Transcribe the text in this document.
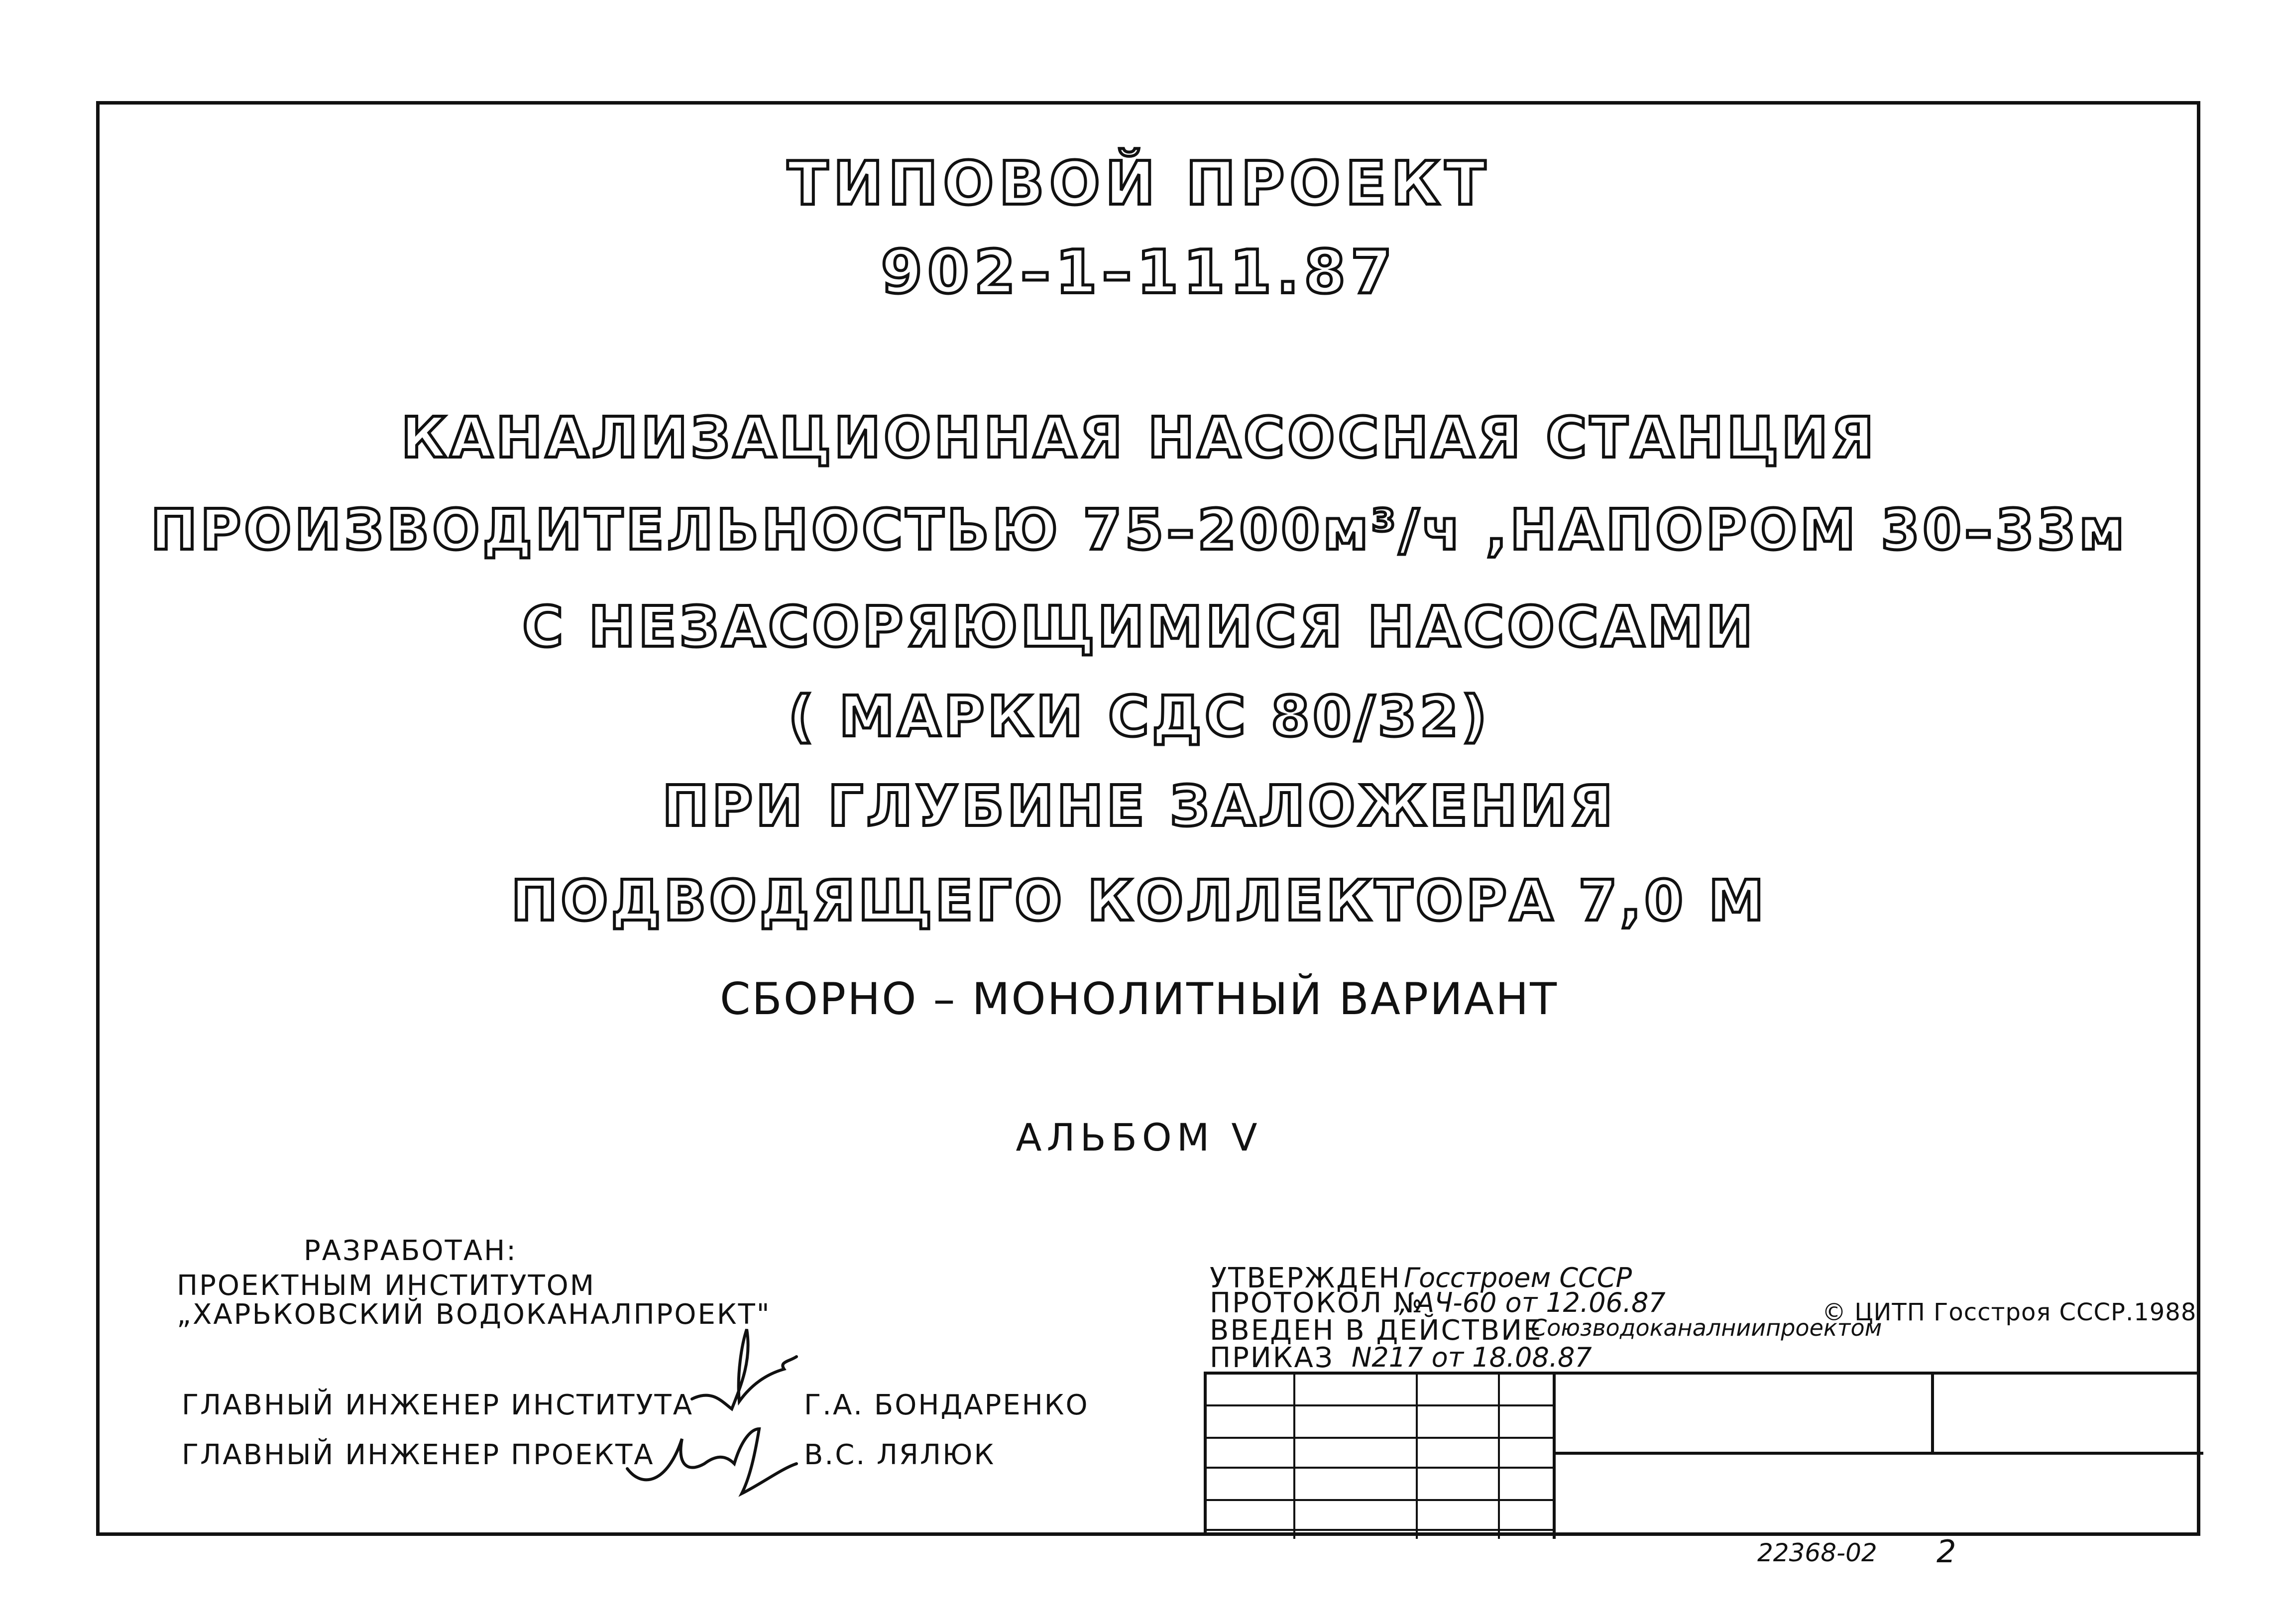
ТИПОВОЙ ПРОЕКТ
902–1–111.87
КАНАЛИЗАЦИОННАЯ НАСОСНАЯ СТАНЦИЯ
ПРОИЗВОДИТЕЛЬНОСТЬЮ 75–200м³/ч ,НАПОРОМ 30–33м
С НЕЗАСОРЯЮЩИМИСЯ НАСОСАМИ
( МАРКИ СДС 80/32)
ПРИ ГЛУБИНЕ ЗАЛОЖЕНИЯ
ПОДВОДЯЩЕГО КОЛЛЕКТОРА 7,0 М
СБОРНО – МОНОЛИТНЫЙ ВАРИАНТ
АЛЬБОМ V
РАЗРАБОТАН:
ПРОЕКТНЫМ ИНСТИТУТОМ
„ХАРЬКОВСКИЙ ВОДОКАНАЛПРОЕКТ"
ГЛАВНЫЙ ИНЖЕНЕР ИНСТИТУТА	Г.А. БОНДАРЕНКО
ГЛАВНЫЙ ИНЖЕНЕР ПРОЕКТА	В.С. ЛЯЛЮК
УТВЕРЖДЕН Госстроем СССР
ПРОТОКОЛ №
, АЧ-60 от 12.06.87
ВВЕДЕН В ДЕЙСТВИЕ
Союзводоканалниипроектом
ПРИКАЗ N217 от 18.08.87
© ЦИТП Госстроя СССР.1988
22368-02 2
